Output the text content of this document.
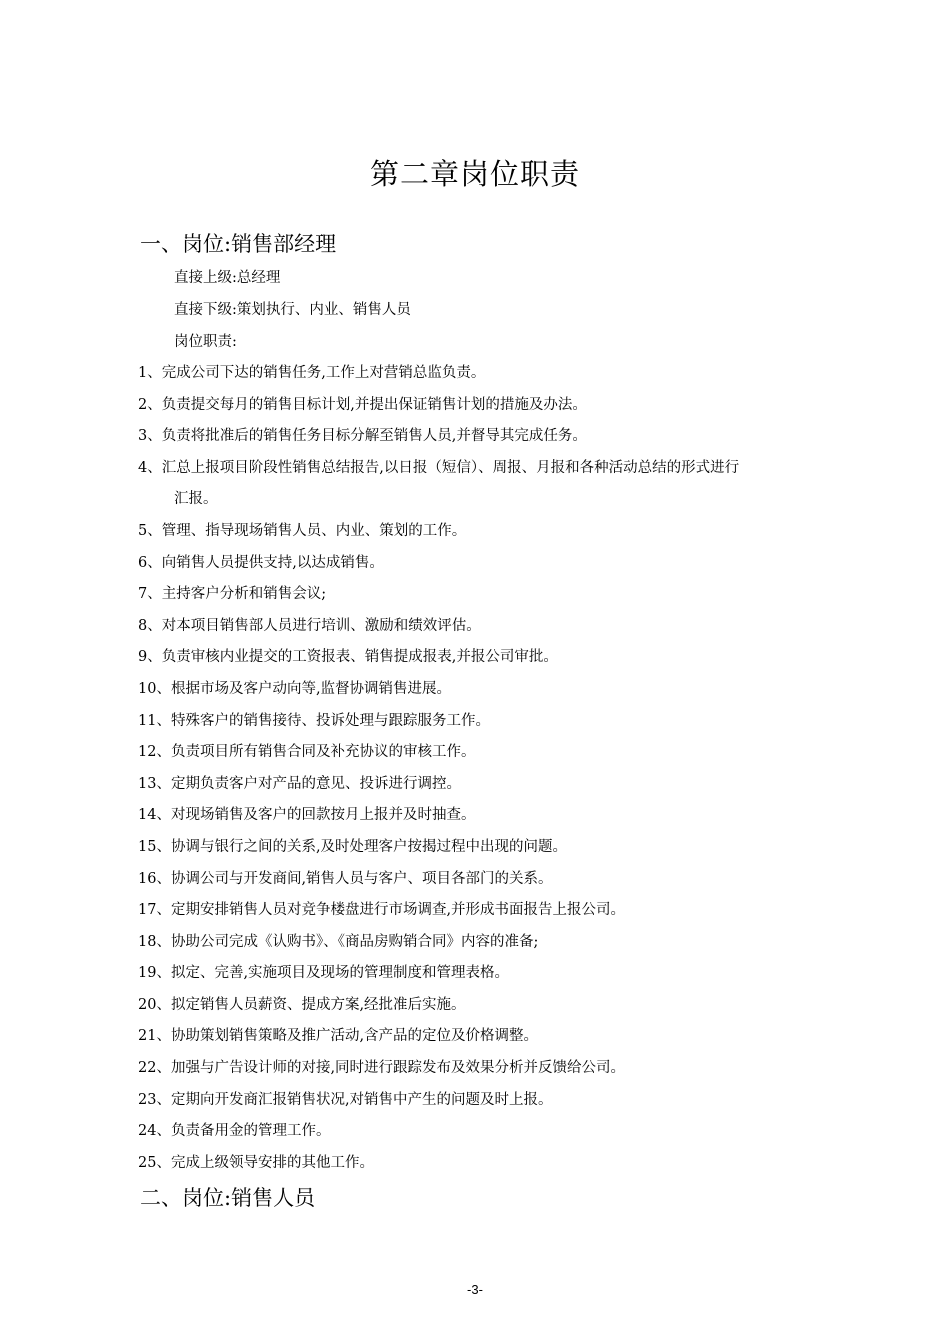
第二章岗位职责
一、岗位:销售部经理
直接上级:总经理
直接下级:策划执行、内业、销售人员
岗位职责:
1、完成公司下达的销售任务,工作上对营销总监负责。
2、负责提交每月的销售目标计划,并提出保证销售计划的措施及办法。
3、负责将批准后的销售任务目标分解至销售人员,并督导其完成任务。
4、汇总上报项目阶段性销售总结报告,以日报（短信）、周报、月报和各种活动总结的形式进行
汇报。
5、管理、指导现场销售人员、内业、策划的工作。
6、向销售人员提供支持,以达成销售。
7、主持客户分析和销售会议;
8、对本项目销售部人员进行培训、激励和绩效评估。
9、负责审核内业提交的工资报表、销售提成报表,并报公司审批。
10、根据市场及客户动向等,监督协调销售进展。
11、特殊客户的销售接待、投诉处理与跟踪服务工作。
12、负责项目所有销售合同及补充协议的审核工作。
13、定期负责客户对产品的意见、投诉进行调控。
14、对现场销售及客户的回款按月上报并及时抽查。
15、协调与银行之间的关系,及时处理客户按揭过程中出现的问题。
16、协调公司与开发商间,销售人员与客户、项目各部门的关系。
17、定期安排销售人员对竞争楼盘进行市场调查,并形成书面报告上报公司。
18、协助公司完成《认购书》、《商品房购销合同》内容的准备;
19、拟定、完善,实施项目及现场的管理制度和管理表格。
20、拟定销售人员薪资、提成方案,经批准后实施。
21、协助策划销售策略及推广活动,含产品的定位及价格调整。
22、加强与广告设计师的对接,同时进行跟踪发布及效果分析并反馈给公司。
23、定期向开发商汇报销售状况,对销售中产生的问题及时上报。
24、负责备用金的管理工作。
25、完成上级领导安排的其他工作。
二、岗位:销售人员
-3-
